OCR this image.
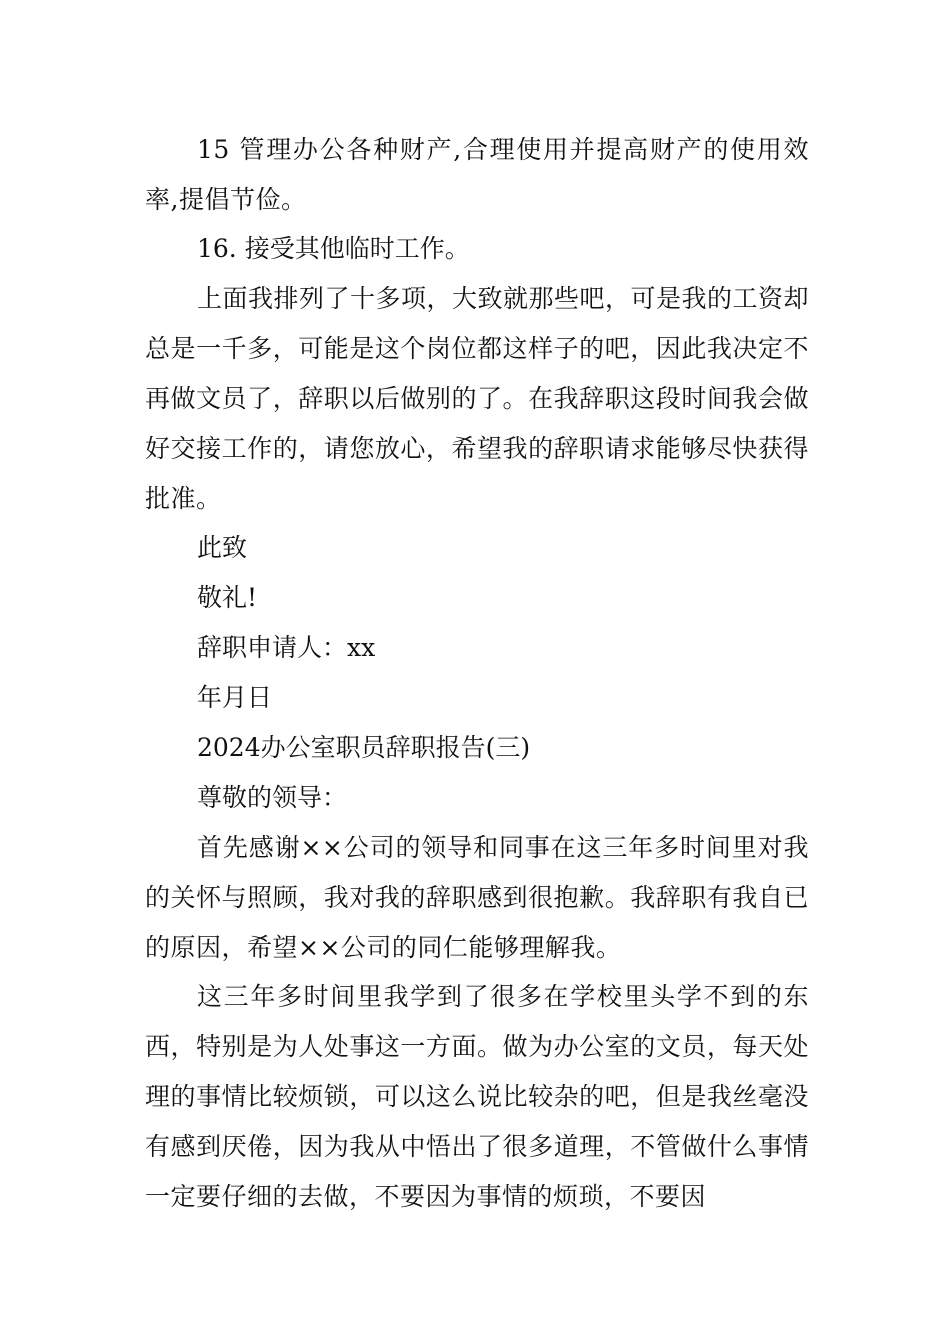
15 管理办公各种财产,合理使用并提高财产的使用效率,提倡节俭。

16. 接受其他临时工作。

上面我排列了十多项，大致就那些吧，可是我的工资却总是一千多，可能是这个岗位都这样子的吧，因此我决定不再做文员了，辞职以后做别的了。在我辞职这段时间我会做好交接工作的，请您放心，希望我的辞职请求能够尽快获得批准。

此致

敬礼!

辞职申请人：xx

年月日

2024办公室职员辞职报告(三)

尊敬的领导：

首先感谢××公司的领导和同事在这三年多时间里对我的关怀与照顾，我对我的辞职感到很抱歉。我辞职有我自已的原因，希望××公司的同仁能够理解我。

这三年多时间里我学到了很多在学校里头学不到的东西，特别是为人处事这一方面。做为办公室的文员，每天处理的事情比较烦锁，可以这么说比较杂的吧，但是我丝毫没有感到厌倦，因为我从中悟出了很多道理，不管做什么事情一定要仔细的去做，不要因为事情的烦琐，不要因
